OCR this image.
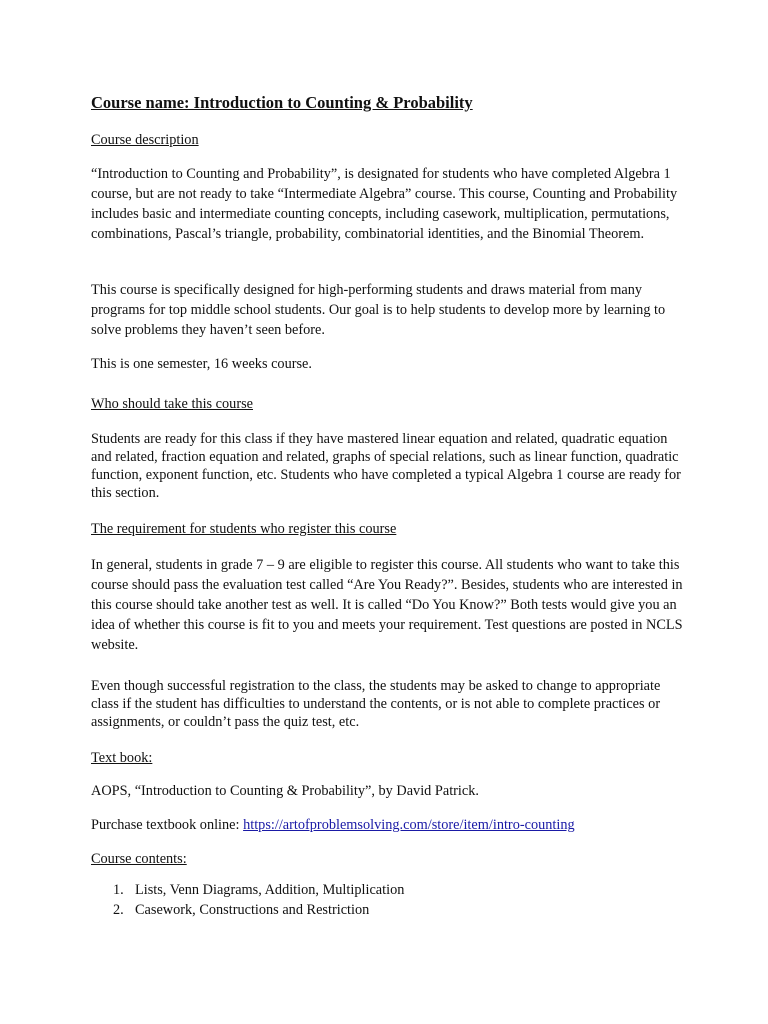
Course name: Introduction to Counting & Probability

Course description

“Introduction to Counting and Probability”, is designated for students who have completed Algebra 1 course, but are not ready to take “Intermediate Algebra” course. This course, Counting and Probability includes basic and intermediate counting concepts, including casework, multiplication, permutations, combinations, Pascal’s triangle, probability, combinatorial identities, and the Binomial Theorem.

This course is specifically designed for high-performing students and draws material from many programs for top middle school students. Our goal is to help students to develop more by learning to solve problems they haven’t seen before.

This is one semester, 16 weeks course.

Who should take this course

Students are ready for this class if they have mastered linear equation and related, quadratic equation and related, fraction equation and related, graphs of special relations, such as linear function, quadratic function, exponent function, etc. Students who have completed a typical Algebra 1 course are ready for this section.

The requirement for students who register this course

In general, students in grade 7 – 9 are eligible to register this course. All students who want to take this course should pass the evaluation test called “Are You Ready?”. Besides, students who are interested in this course should take another test as well. It is called “Do You Know?” Both tests would give you an idea of whether this course is fit to you and meets your requirement. Test questions are posted in NCLS website.

Even though successful registration to the class, the students may be asked to change to appropriate class if the student has difficulties to understand the contents, or is not able to complete practices or assignments, or couldn’t pass the quiz test, etc.

Text book:

AOPS, “Introduction to Counting & Probability”, by David Patrick.

Purchase textbook online: https://artofproblemsolving.com/store/item/intro-counting

Course contents:

1. Lists, Venn Diagrams, Addition, Multiplication
2. Casework, Constructions and Restriction
